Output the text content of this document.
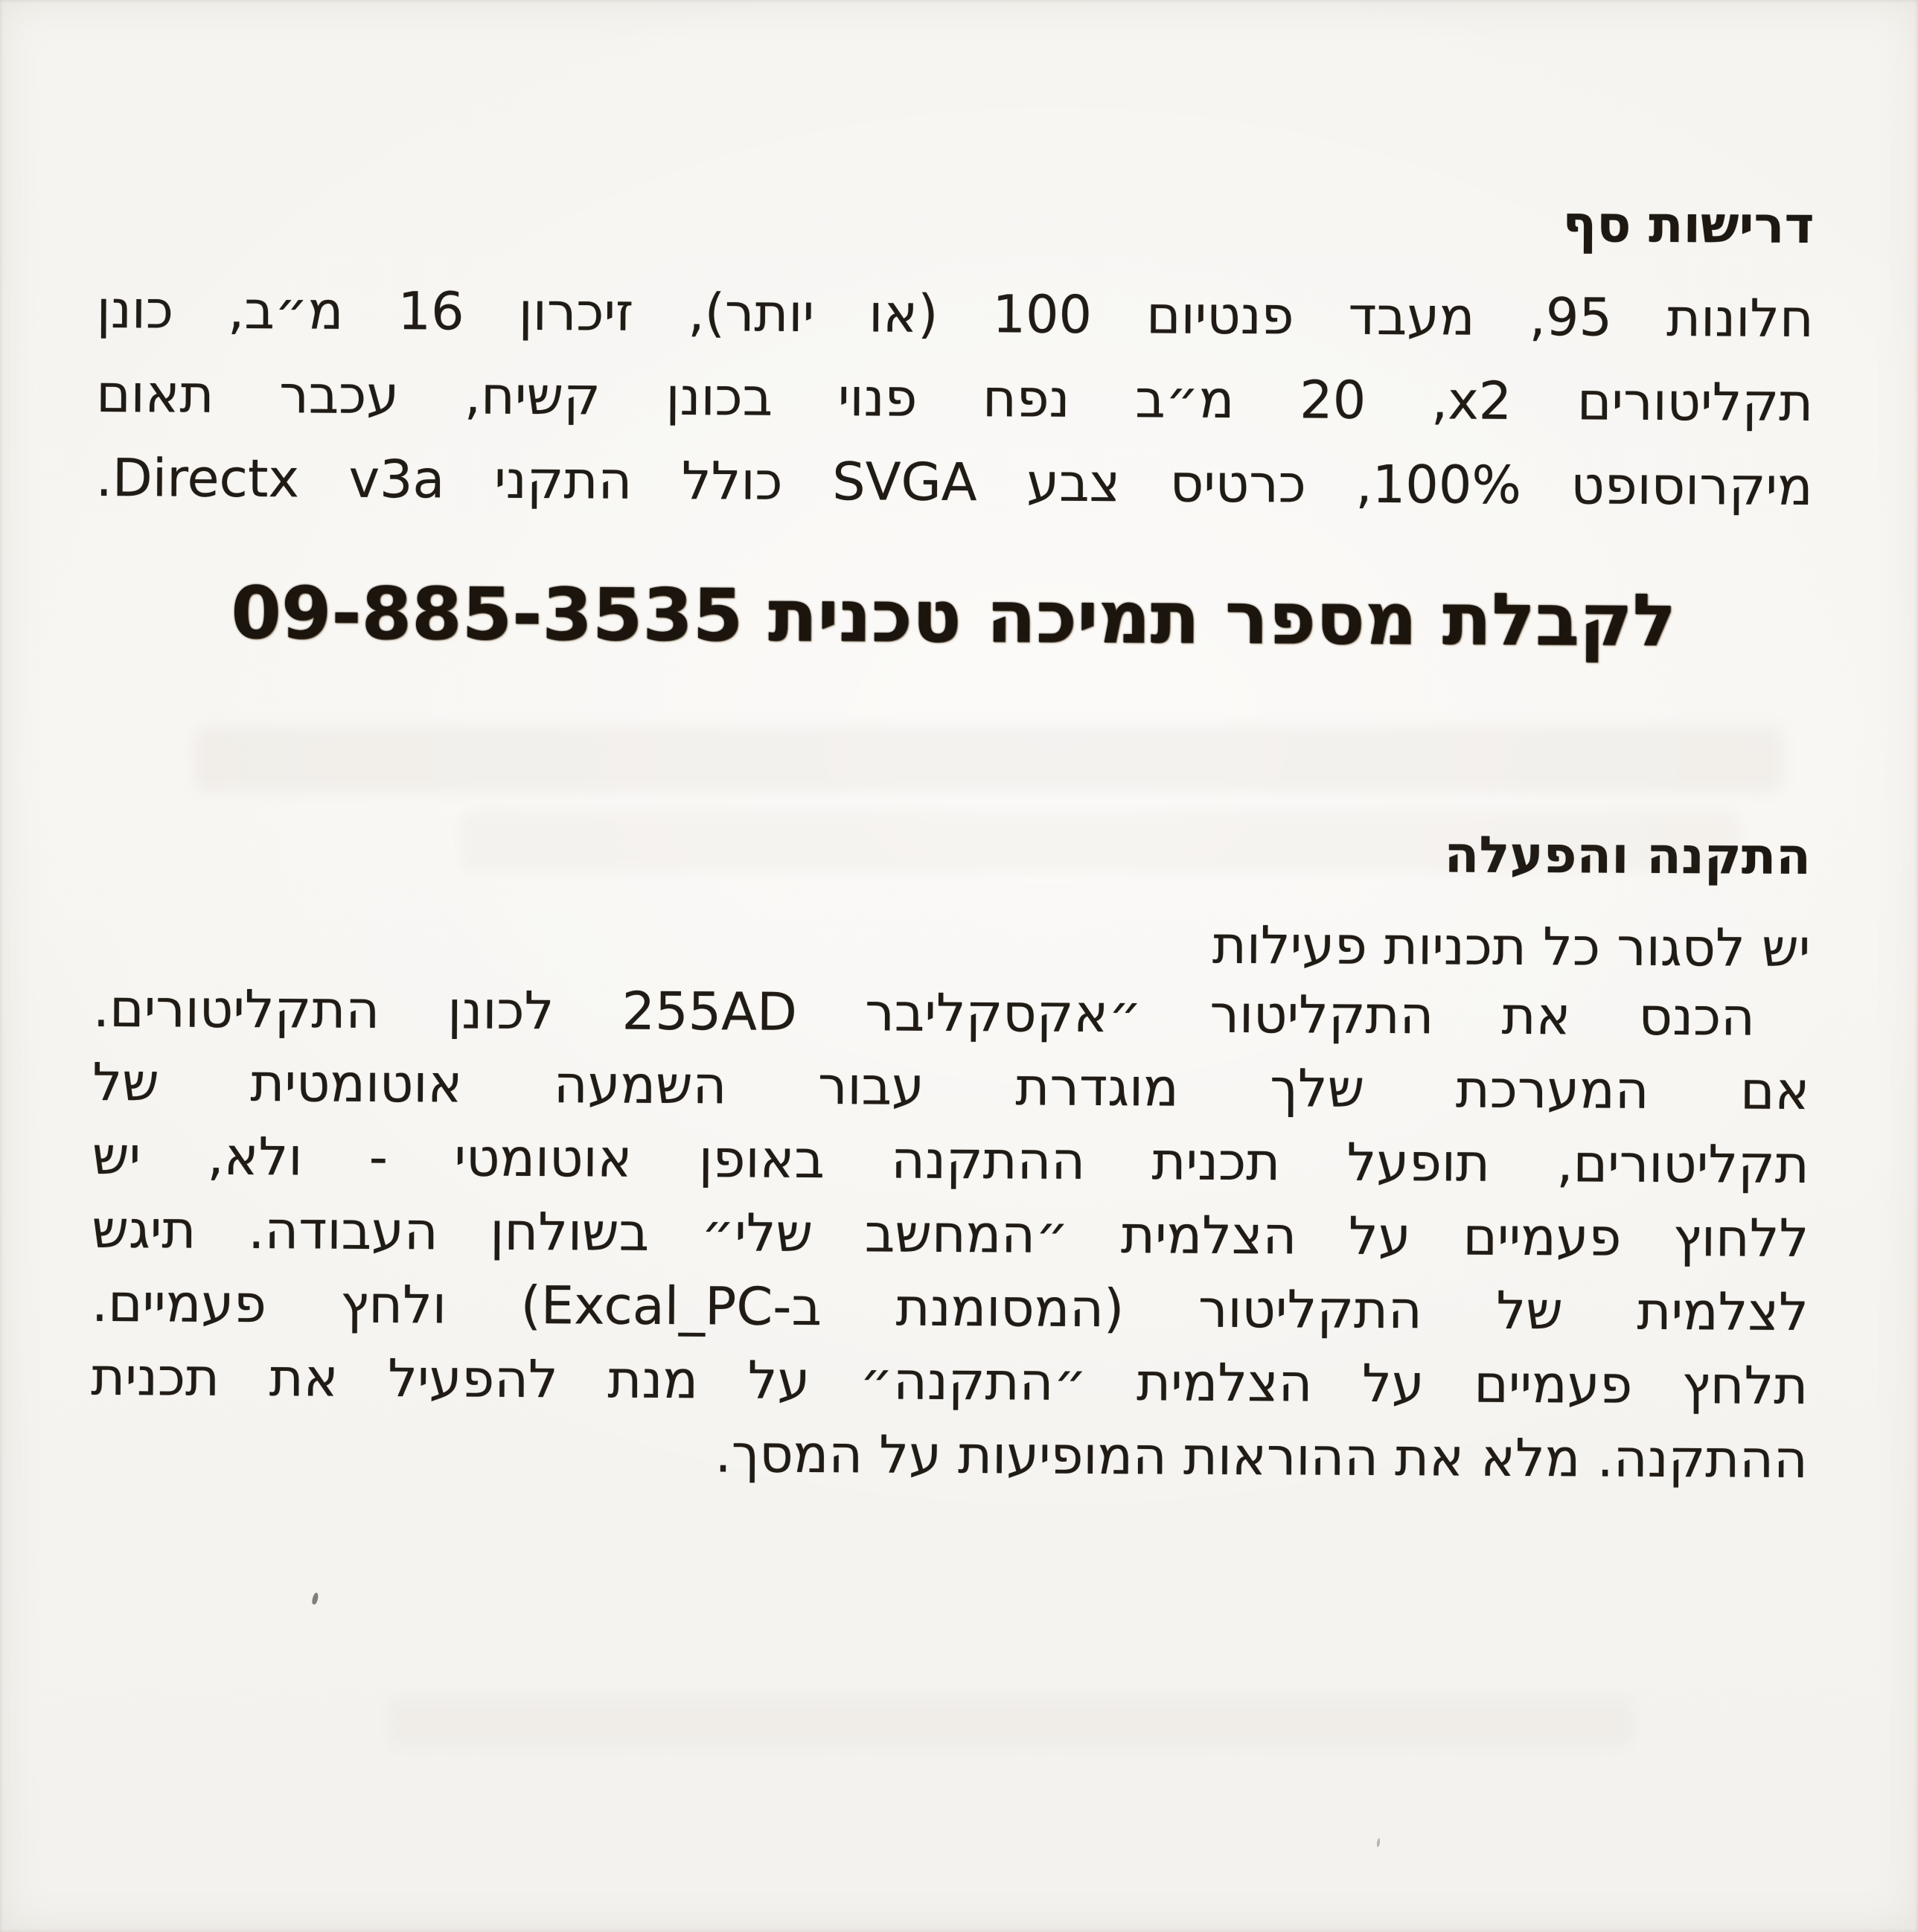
דרישות סף
חלונות 95, מעבד פנטיום 100 (או יותר), זיכרון 16 מ״ב, כונן
תקליטורים x2‏, 20 מ״ב נפח פנוי בכונן קשיח, עכבר תאום
מיקרוסופט 100%, כרטיס צבע SVGA כולל התקני Directx v3a.
לקבלת מספר תמיכה טכנית 09-885-3535
התקנה והפעלה
יש לסגור כל תכניות פעילות
הכנס את התקליטור ״אקסקליבר 255AD לכונן התקליטורים.
אם המערכת שלך מוגדרת עבור השמעה אוטומטית של
תקליטורים, תופעל תכנית ההתקנה באופן אוטומטי - ולא, יש
ללחוץ פעמיים על הצלמית ״המחשב שלי״ בשולחן העבודה. תיגש
לצלמית של התקליטור (המסומנת ב-Excal_PC) ולחץ פעמיים.
תלחץ פעמיים על הצלמית ״התקנה״ על מנת להפעיל את תכנית
ההתקנה. מלא את ההוראות המופיעות על המסך.
